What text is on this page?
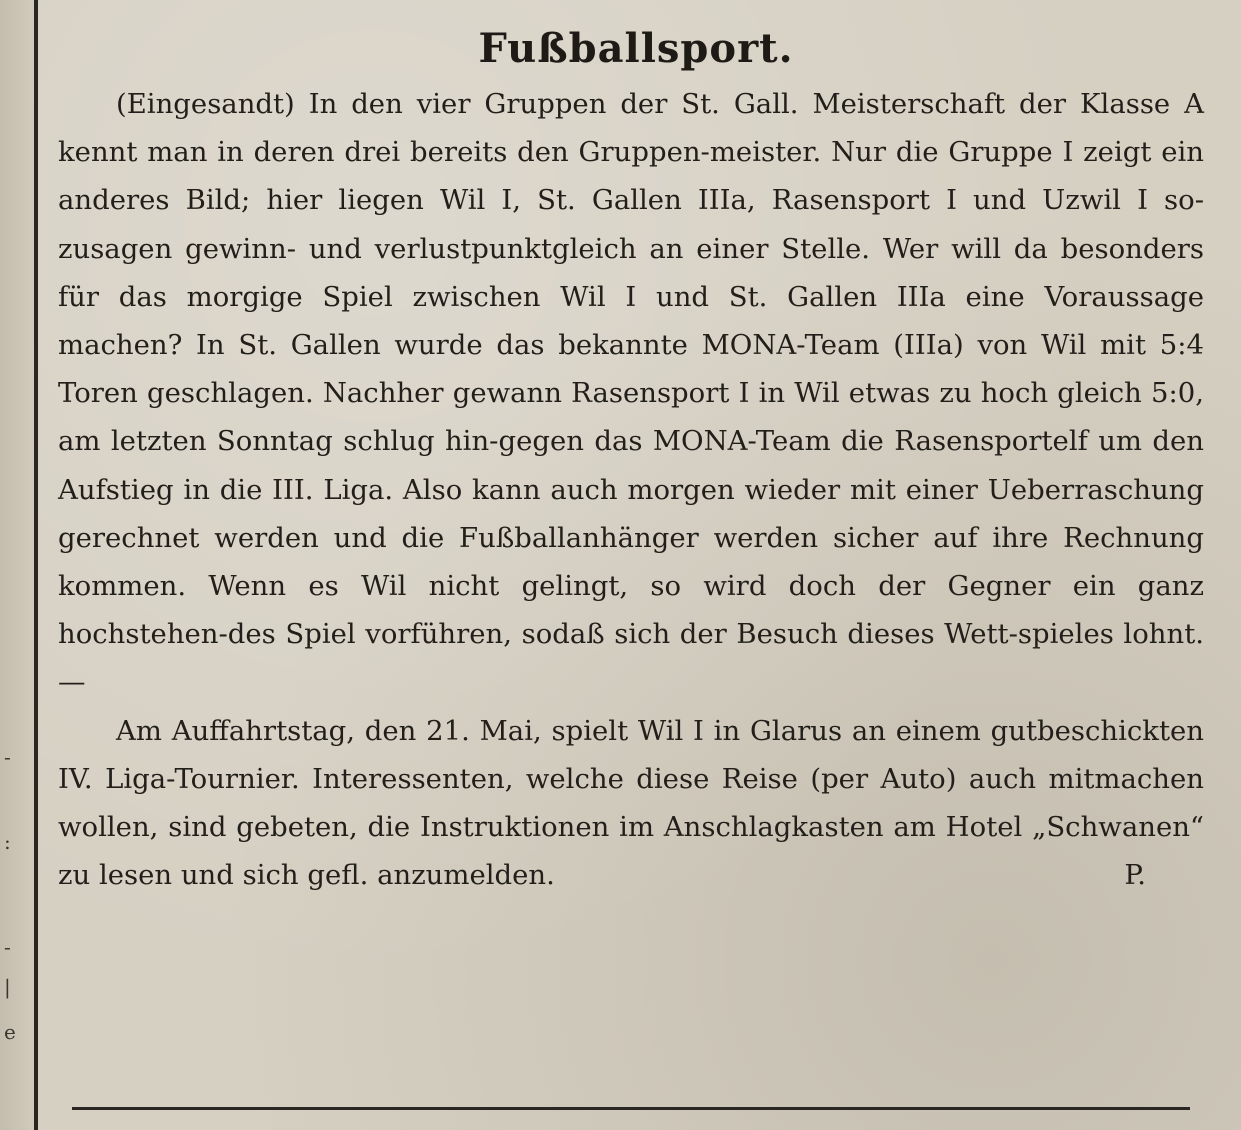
-
:
-
|
e
Fußballsport.

(Eingesandt) In den vier Gruppen der St. Gall. Meisterschaft der Klasse A kennt man in deren drei bereits den Gruppen-meister. Nur die Gruppe I zeigt ein anderes Bild; hier liegen Wil I, St. Gallen IIIa, Rasensport I und Uzwil I so-zusagen gewinn- und verlustpunktgleich an einer Stelle. Wer will da besonders für das morgige Spiel zwischen Wil I und St. Gallen IIIa eine Voraussage machen? In St. Gallen wurde das bekannte MONA-Team (IIIa) von Wil mit 5:4 Toren geschlagen. Nachher gewann Rasensport I in Wil etwas zu hoch gleich 5:0, am letzten Sonntag schlug hin-gegen das MONA-Team die Rasensportelf um den Aufstieg in die III. Liga. Also kann auch morgen wieder mit einer Ueberraschung gerechnet werden und die Fußballanhänger werden sicher auf ihre Rechnung kommen. Wenn es Wil nicht gelingt, so wird doch der Gegner ein ganz hochstehen-des Spiel vorführen, sodaß sich der Besuch dieses Wett-spieles lohnt. —

Am Auffahrtstag, den 21. Mai, spielt Wil I in Glarus an einem gutbeschickten IV. Liga-Tournier. Interessenten, welche diese Reise (per Auto) auch mitmachen wollen, sind gebeten, die Instruktionen im Anschlagkasten am Hotel „Schwanen“ zu lesen und sich gefl. anzumelden.	P.
